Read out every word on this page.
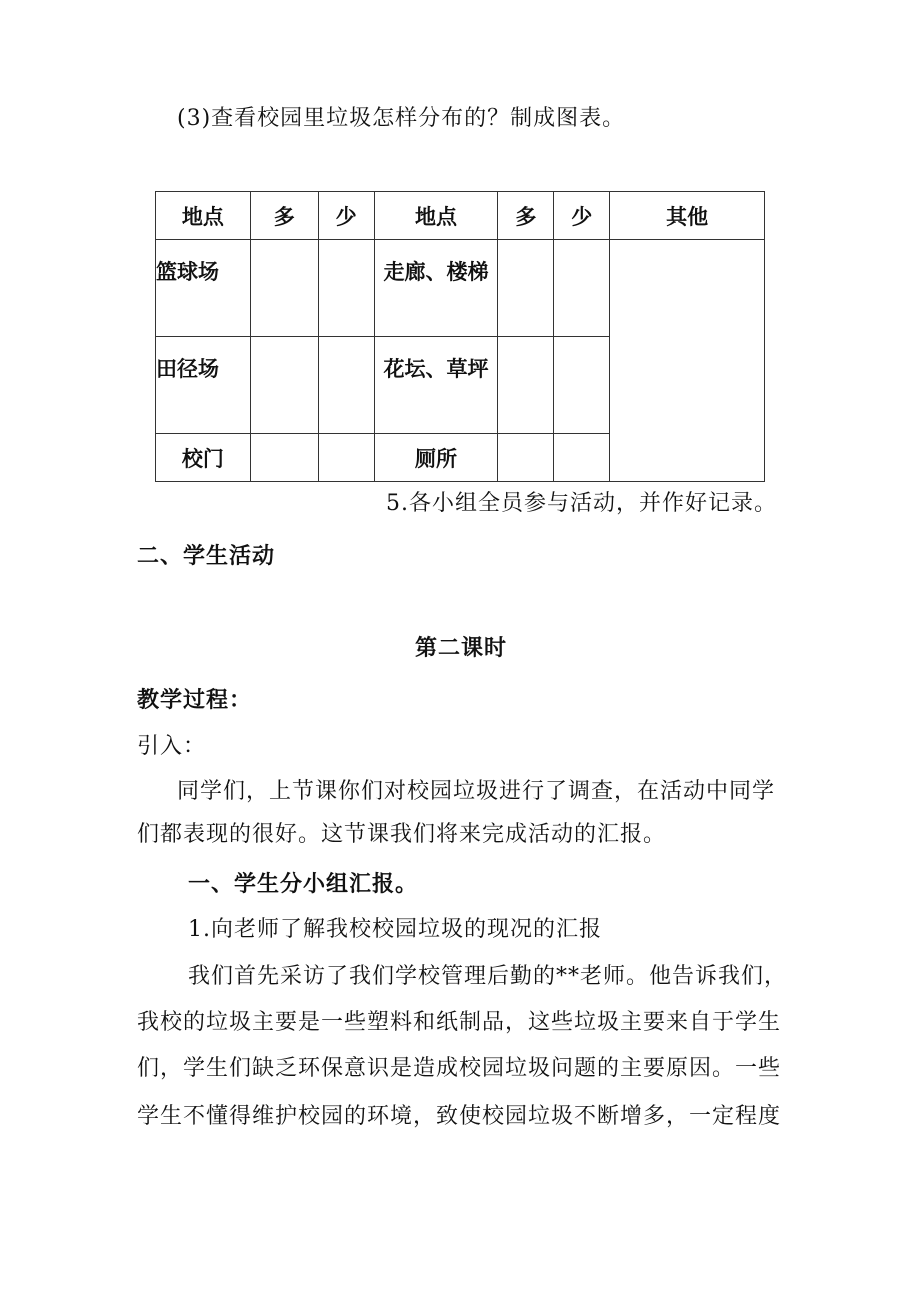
(3)查看校园里垃圾怎样分布的？制成图表。
地点	多	少	地点	多	少	其他
篮球场			走廊、楼梯			
田径场			花坛、草坪			
校门			厕所			
5.各小组全员参与活动，并作好记录。
二、学生活动
第二课时
教学过程：
引入：
同学们，上节课你们对校园垃圾进行了调查，在活动中同学
们都表现的很好。这节课我们将来完成活动的汇报。
一、学生分小组汇报。
1.向老师了解我校校园垃圾的现况的汇报
我们首先采访了我们学校管理后勤的**老师。他告诉我们，
我校的垃圾主要是一些塑料和纸制品，这些垃圾主要来自于学生
们，学生们缺乏环保意识是造成校园垃圾问题的主要原因。一些
学生不懂得维护校园的环境，致使校园垃圾不断增多，一定程度
